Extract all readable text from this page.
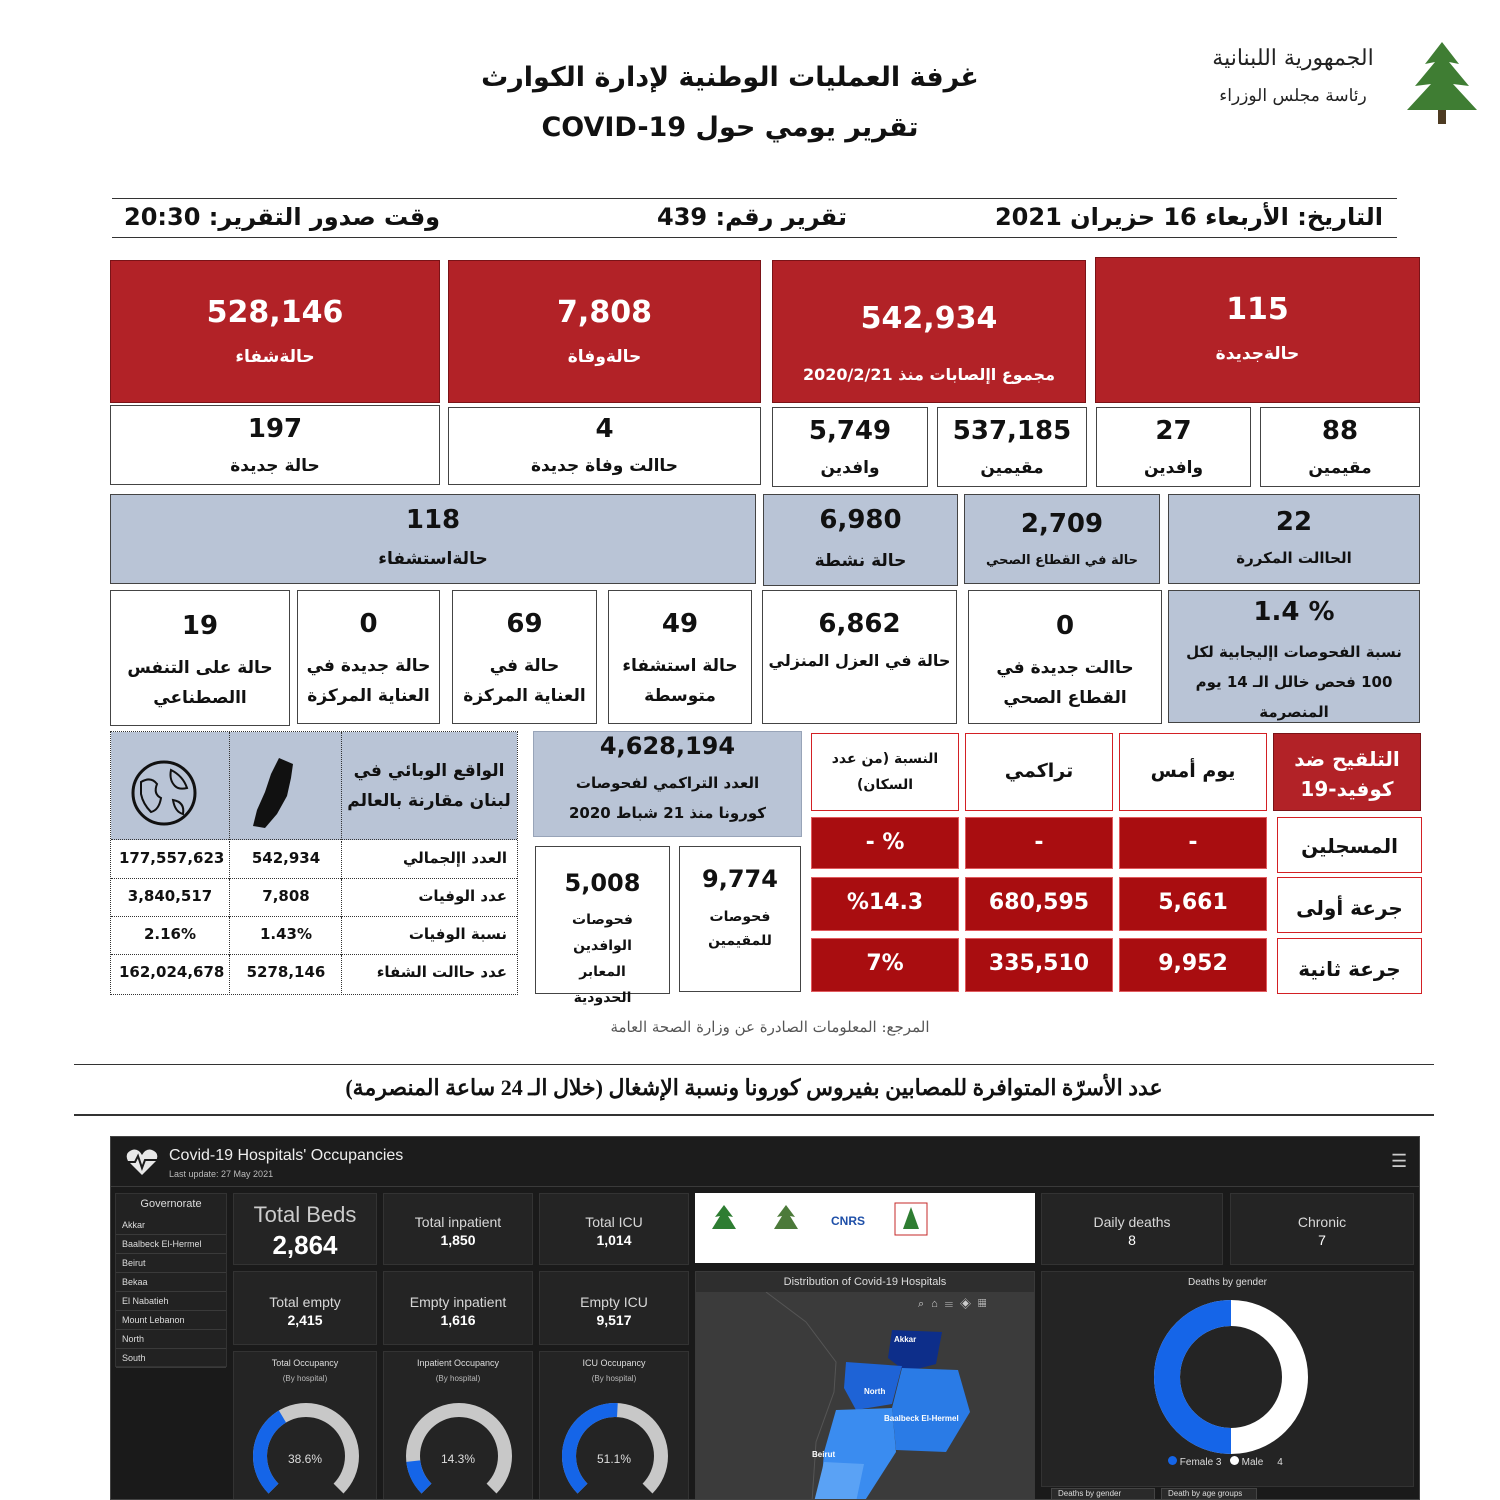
غرفة العمليات الوطنية لإدارة الكوارث
تقرير يومي حول COVID-19
الجمهورية اللبنانية
رئاسة مجلس الوزراء
التاريخ: الأربعاء 16 حزيران 2021
تقرير رقم: 439
وقت صدور التقرير: 20:30
115
حالةجديدة
542,934
مجموع اإلصابات منذ 2020/2/21
7,808
حالةوفاة
528,146
حالةشفاء
88
مقيمين
27
وافدين
537,185
مقيمين
5,749
وافدين
4
حاالت وفاة جديدة
197
حالة جديدة
22
الحاالت المكررة
2,709
حالة في القطاع الصحي
6,980
حالة نشطة
118
حالةاستشفاء
1.4 %
نسبة الفحوصات اإليجابية لكل 100 فحص خالل الـ 14 يوم المنصرمة
0
حاالت جديدة في القطاع الصحي
6,862
حالة في العزل المنزلي
49
حالة استشفاء متوسطة
69
حالة في العناية المركزة
0
حالة جديدة في العناية المركزة
19
حالة على التنفس االصطناعي
الواقع الوبائي في لبنان مقارنة بالعالم
العدد اإلجمالي
542,934
177,557,623
عدد الوفيات
7,808
3,840,517
نسبة الوفيات
1.43%
2.16%
عدد حاالت الشفاء
5278,146
162,024,678
4,628,194
العدد التراكمي لفحوصات كورونا منذ 21 شباط 2020
9,774
فحوصات للمقيمين
5,008
فحوصات الوافدين المعابر الحدودية
التلقيح ضد كوفيد-19
يوم أمس
تراكمي
النسبة (من عدد السكان)
المسجلين
-
-
- %
جرعة أولى
5,661
680,595
%14.3
جرعة ثانية
9,952
335,510
7%
المرجع: المعلومات الصادرة عن وزارة الصحة العامة
عدد الأسرّة المتوافرة للمصابين بفيروس كورونا ونسبة الإشغال (خلال الـ 24 ساعة المنصرمة)
Covid-19 Hospitals' Occupancies
Last update: 27 May 2021
☰
Governorate
Akkar
Baalbeck El-Hermel
Beirut
Bekaa
El Nabatieh
Mount Lebanon
North
South
Total Beds
2,864
Total inpatient
1,850
Total ICU
1,014
CNRS	Daily deaths
8
Chronic
7
Total empty
2,415
Empty inpatient
1,616
Empty ICU
9,517
Distribution of Covid-19 Hospitals
Akkar
North
Baalbeck El-Hermel
Beirut
⌕⌂☰◈▦
Deaths by gender
Female 3 Male 4
Deaths by gender	Death by age groups
Total Occupancy
(By hospital)
38.6%
Inpatient Occupancy
(By hospital)
14.3%
ICU Occupancy
(By hospital)
51.1%
